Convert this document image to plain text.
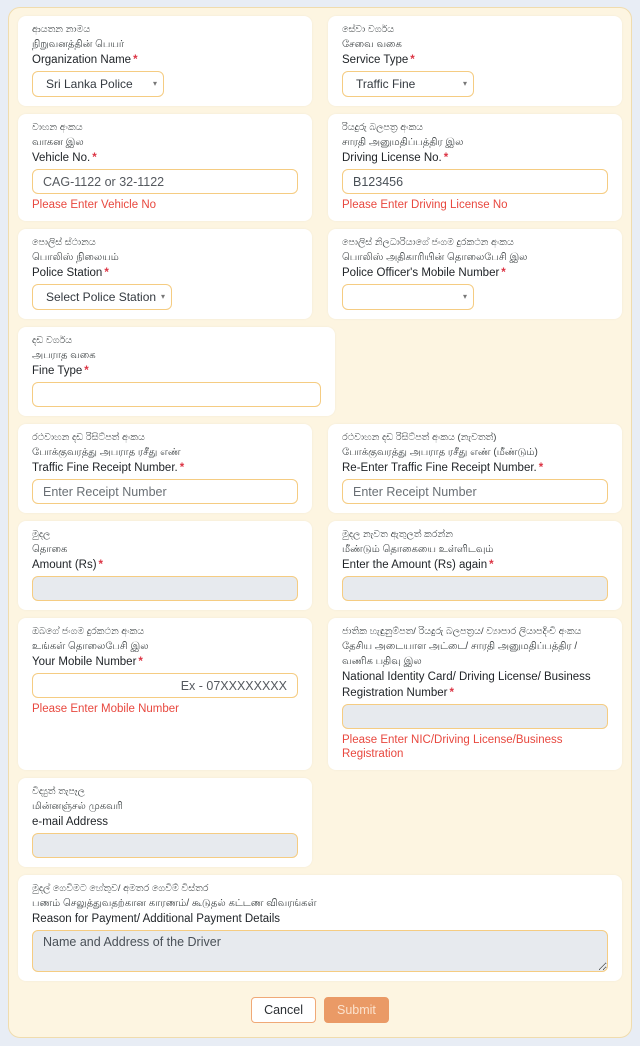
ආයතන නාමය
நிறுவனத்தின் பெயர்
Organization Name *
Sri Lanka Police	▾
සේවා වර්ගය
சேவை வகை
Service Type *
Traffic Fine	▾
වාහන අංකය
வாகன இல
Vehicle No. *
CAG-1122 or 32-1122
Please Enter Vehicle No
රියදුරු බලපත්‍ර අංකය
சாரதி அனுமதிப்பத்திர இல
Driving License No. *
B123456
Please Enter Driving License No
පොලිස් ස්ථානය
பொலிஸ் நிலையம்
Police Station *
Select Police Station ▾
පොලිස් නිලධාරියාගේ ජංගම දුරකථන අංකය
பொலிஸ் அதிகாரியின் தொலைபேசி இல
Police Officer's Mobile Number *
▾
දඩ වර්ගය
அபராத வகை
Fine Type *
රථවාහන දඩ රිසිට්පත් අංකය
போக்குவரத்து அபராத ரசீது எண்
Traffic Fine Receipt Number. *
Enter Receipt Number
රථවාහන දඩ රිසිට්පත් අංකය (නැවතත්)
போக்குவரத்து அபராத ரசீது எண் (மீண்டும்)
Re-Enter Traffic Fine Receipt Number. *
Enter Receipt Number
මුදල
தொகை
Amount (Rs) *
මුදල නැවත ඇතුලත් කරන්න
மீண்டும் தொகையை உள்ளிடவும்
Enter the Amount (Rs) again *
ඔබගේ ජංගම දුරකථන අංකය
உங்கள் தொலைபேசி இல
Your Mobile Number *
Ex - 07XXXXXXXX
Please Enter Mobile Number
ජාතික හැඳුනුම්පත/ රියදුරු බලපත්‍රය/ ව්‍යාපාර ලියාපදිංචි අංකය
தேசிய அடையாள அட்டை/ சாரதி அனுமதிப்பத்திர / வணிக பதிவு இல
National Identity Card/ Driving License/ Business Registration Number *
Please Enter NIC/Driving License/Business Registration
විද්‍යුත් තැපෑල
மின்னஞ்சல் முகவரி
e-mail Address
මුදල් ගෙවීමට හේතුව/ අමතර ගෙවීම් විස්තර
பணம் செலுத்துவதற்கான காரணம்/ கூடுதல் கட்டண விவரங்கள்
Reason for Payment/ Additional Payment Details
Name and Address of the Driver
Cancel	Submit
